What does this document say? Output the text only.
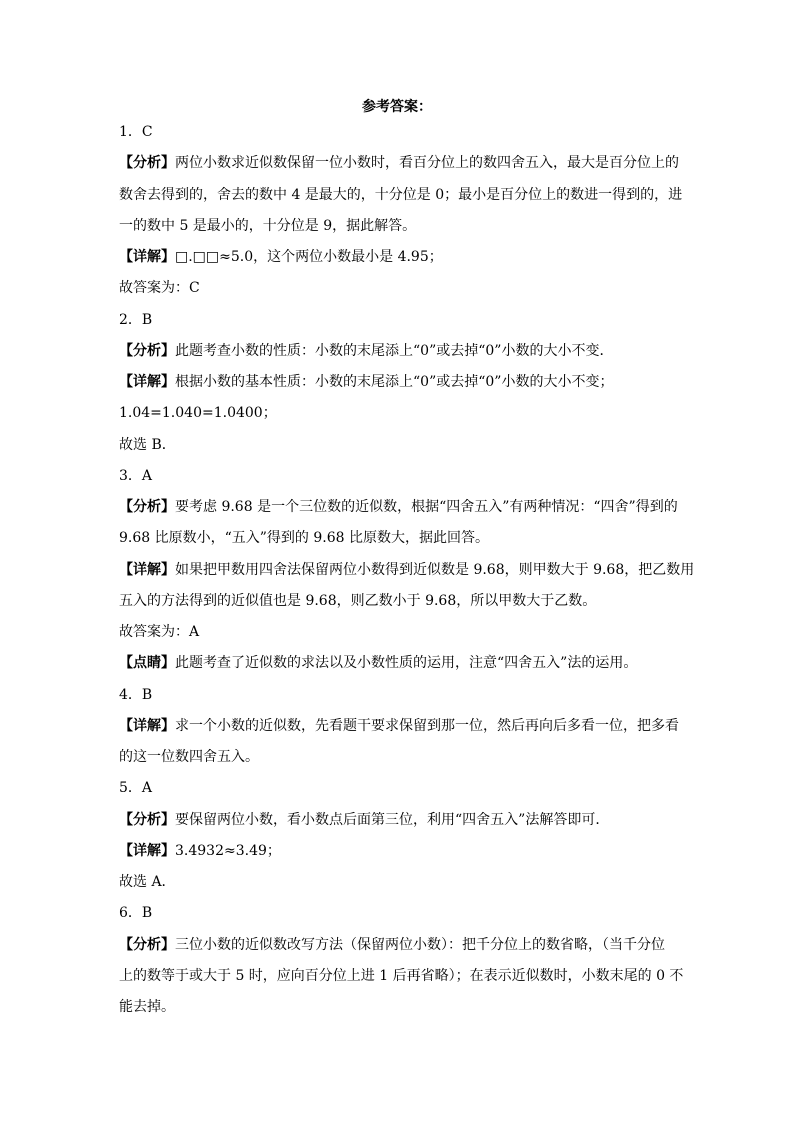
参考答案：
1．C
【分析】两位小数求近似数保留一位小数时，看百分位上的数四舍五入，最大是百分位上的
数舍去得到的，舍去的数中 4 是最大的，十分位是 0；最小是百分位上的数进一得到的，进
一的数中 5 是最小的，十分位是 9，据此解答。
【详解】□.□□≈5.0，这个两位小数最小是 4.95；
故答案为：C
2．B
【分析】此题考查小数的性质：小数的末尾添上“0”或去掉“0”小数的大小不变．
【详解】根据小数的基本性质：小数的末尾添上“0”或去掉“0”小数的大小不变；
1.04=1.040=1.0400；
故选 B．
3．A
【分析】要考虑 9.68 是一个三位数的近似数，根据“四舍五入”有两种情况：“四舍”得到的
9.68 比原数小，“五入”得到的 9.68 比原数大，据此回答。
【详解】如果把甲数用四舍法保留两位小数得到近似数是 9.68，则甲数大于 9.68，把乙数用
五入的方法得到的近似值也是 9.68，则乙数小于 9.68，所以甲数大于乙数。
故答案为：A
【点睛】此题考查了近似数的求法以及小数性质的运用，注意“四舍五入”法的运用。
4．B
【详解】求一个小数的近似数，先看题干要求保留到那一位，然后再向后多看一位，把多看
的这一位数四舍五入。
5．A
【分析】要保留两位小数，看小数点后面第三位，利用“四舍五入”法解答即可．
【详解】3.4932≈3.49；
故选 A．
6．B
【分析】三位小数的近似数改写方法（保留两位小数）：把千分位上的数省略，（当千分位
上的数等于或大于 5 时，应向百分位上进 1 后再省略）；在表示近似数时，小数末尾的 0 不
能去掉。
